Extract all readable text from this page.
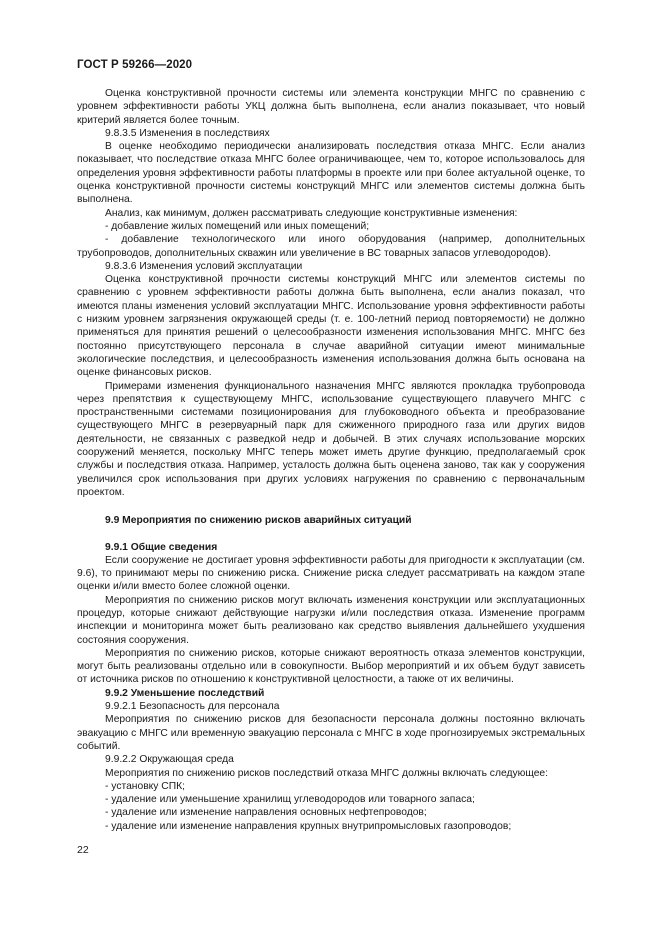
ГОСТ Р 59266—2020

Оценка конструктивной прочности системы или элемента конструкции МНГС по сравнению с уровнем эффективности работы УКЦ должна быть выполнена, если анализ показывает, что новый критерий является более точным.

9.8.3.5 Изменения в последствиях

В оценке необходимо периодически анализировать последствия отказа МНГС. Если анализ показывает, что последствие отказа МНГС более ограничивающее, чем то, которое использовалось для определения уровня эффективности работы платформы в проекте или при более актуальной оценке, то оценка конструктивной прочности системы конструкций МНГС или элементов системы должна быть выполнена.

Анализ, как минимум, должен рассматривать следующие конструктивные изменения:

- добавление жилых помещений или иных помещений;

- добавление технологического или иного оборудования (например, дополнительных трубопроводов, дополнительных скважин или увеличение в ВС товарных запасов углеводородов).

9.8.3.6 Изменения условий эксплуатации

Оценка конструктивной прочности системы конструкций МНГС или элементов системы по сравнению с уровнем эффективности работы должна быть выполнена, если анализ показал, что имеются планы изменения условий эксплуатации МНГС. Использование уровня эффективности работы с низким уровнем загрязнения окружающей среды (т. е. 100-летний период повторяемости) не должно применяться для принятия решений о целесообразности изменения использования МНГС. МНГС без постоянно присутствующего персонала в случае аварийной ситуации имеют минимальные экологические последствия, и целесообразность изменения использования должна быть основана на оценке финансовых рисков.

Примерами изменения функционального назначения МНГС являются прокладка трубопровода через препятствия к существующему МНГС, использование существующего плавучего МНГС с пространственными системами позиционирования для глубоководного объекта и преобразование существующего МНГС в резервуарный парк для сжиженного природного газа или других видов деятельности, не связанных с разведкой недр и добычей. В этих случаях использование морских сооружений меняется, поскольку МНГС теперь может иметь другие функцию, предполагаемый срок службы и последствия отказа. Например, усталость должна быть оценена заново, так как у сооружения увеличился срок использования при других условиях нагружения по сравнению с первоначальным проектом.

9.9 Мероприятия по снижению рисков аварийных ситуаций

9.9.1 Общие сведения

Если сооружение не достигает уровня эффективности работы для пригодности к эксплуатации (см. 9.6), то принимают меры по снижению риска. Снижение риска следует рассматривать на каждом этапе оценки и/или вместо более сложной оценки.

Мероприятия по снижению рисков могут включать изменения конструкции или эксплуатационных процедур, которые снижают действующие нагрузки и/или последствия отказа. Изменение программ инспекции и мониторинга может быть реализовано как средство выявления дальнейшего ухудшения состояния сооружения.

Мероприятия по снижению рисков, которые снижают вероятность отказа элементов конструкции, могут быть реализованы отдельно или в совокупности. Выбор мероприятий и их объем будут зависеть от источника рисков по отношению к конструктивной целостности, а также от их величины.

9.9.2 Уменьшение последствий

9.9.2.1 Безопасность для персонала

Мероприятия по снижению рисков для безопасности персонала должны постоянно включать эвакуацию с МНГС или временную эвакуацию персонала с МНГС в ходе прогнозируемых экстремальных событий.

9.9.2.2 Окружающая среда

Мероприятия по снижению рисков последствий отказа МНГС должны включать следующее:

- установку СПК;

- удаление или уменьшение хранилищ углеводородов или товарного запаса;

- удаление или изменение направления основных нефтепроводов;

- удаление или изменение направления крупных внутрипромысловых газопроводов;

22
